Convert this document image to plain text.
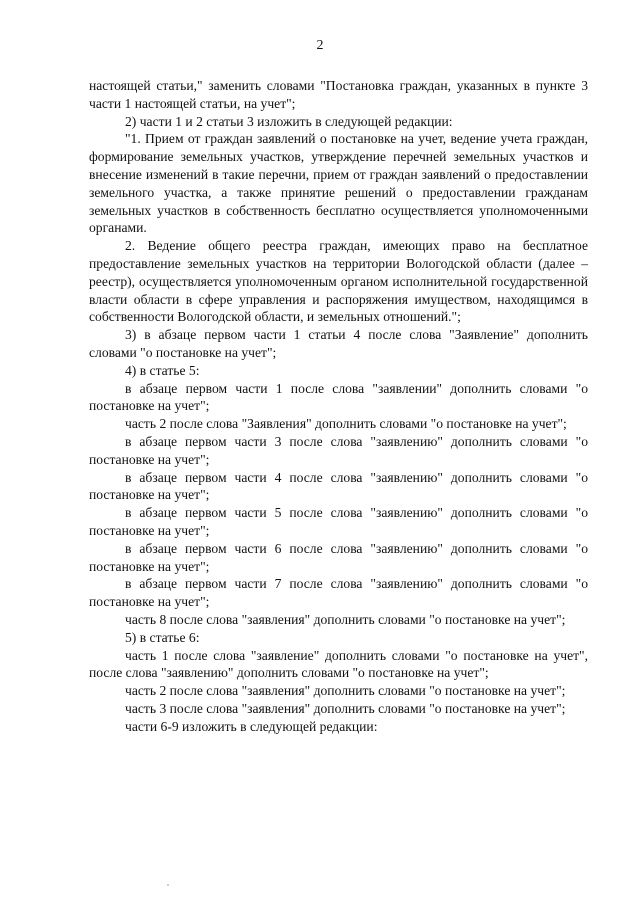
2

настоящей статьи," заменить словами "Постановка граждан, указанных в пункте 3 части 1 настоящей статьи, на учет";

2) части 1 и 2 статьи 3 изложить в следующей редакции:

"1. Прием от граждан заявлений о постановке на учет, ведение учета граждан, формирование земельных участков, утверждение перечней земельных участков и внесение изменений в такие перечни, прием от граждан заявлений о предоставлении земельного участка, а также принятие решений о предоставлении гражданам земельных участков в собственность бесплатно осуществляется уполномоченными органами.

2. Ведение общего реестра граждан, имеющих право на бесплатное предоставление земельных участков на территории Вологодской области (далее – реестр), осуществляется уполномоченным органом исполнительной государственной власти области в сфере управления и распоряжения имуществом, находящимся в собственности Вологодской области, и земельных отношений.";

3) в абзаце первом части 1 статьи 4 после слова "Заявление" дополнить словами "о постановке на учет";

4) в статье 5:

в абзаце первом части 1 после слова "заявлении" дополнить словами "о постановке на учет";

часть 2 после слова "Заявления" дополнить словами "о постановке на учет";

в абзаце первом части 3 после слова "заявлению" дополнить словами "о постановке на учет";

в абзаце первом части 4 после слова "заявлению" дополнить словами "о постановке на учет";

в абзаце первом части 5 после слова "заявлению" дополнить словами "о постановке на учет";

в абзаце первом части 6 после слова "заявлению" дополнить словами "о постановке на учет";

в абзаце первом части 7 после слова "заявлению" дополнить словами "о постановке на учет";

часть 8 после слова "заявления" дополнить словами "о постановке на учет";

5) в статье 6:

часть 1 после слова "заявление" дополнить словами "о постановке на учет", после слова "заявлению" дополнить словами "о постановке на учет";

часть 2 после слова "заявления" дополнить словами "о постановке на учет";

часть 3 после слова "заявления" дополнить словами "о постановке на учет";

части 6-9 изложить в следующей редакции:
